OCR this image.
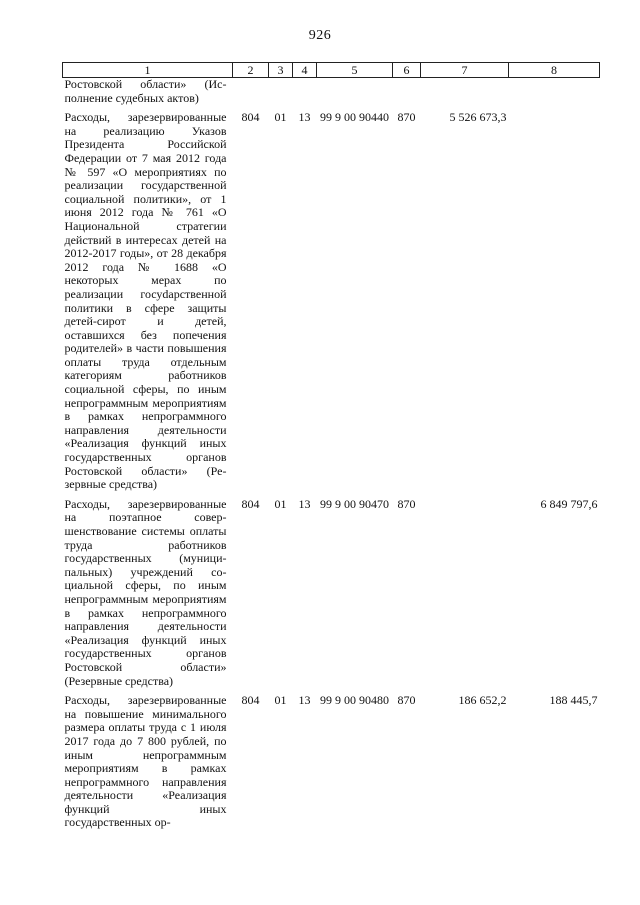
926
1	2	3	4	5	6	7	8

Ростовской области» (Исполнение судебных актов)							

Расходы, зарезервированные на реализацию Указов Президента Российской Федерации от 7 мая 2012 года № 597 «О мероприятиях по реализации государственной социальной политики», от 1 июня 2012 года № 761 «О Национальной стратегии действий в интересах детей на 2012-2017 годы», от 28 декабря 2012 года № 1688 «О некоторых мерах по реализации госуdарственной политики в сфере защиты детей-сирот и детей, оставшихся без попечения родителей» в части повышения оплаты труда отдельным категориям работников социальной сферы, по иным непрограммным мероприятиям в рамках непрограммного направления деятельности «Реализация функций иных государственных органов Ростовской области» (Резервные средства)	804	01	13	99 9 00 90440	870	5 526 673,3	

Расходы, зарезервированные на поэтапное совершенствование системы оплаты труда работников государственных (муниципальных) учреждений социальной сферы, по иным непрограммным мероприятиям в рамках непрограммного направления деятельности «Реализация функций иных государственных органов Ростовской области» (Резервные средства)	804	01	13	99 9 00 90470	870		6 849 797,6

Расходы, зарезервированные на повышение минимального размера оплаты труда с 1 июля 2017 года до 7 800 рублей, по иным непрограммным мероприятиям в рамках непрограммного направления деятельности «Реализация функций иных государственных ор-	804	01	13	99 9 00 90480	870	186 652,2	188 445,7
